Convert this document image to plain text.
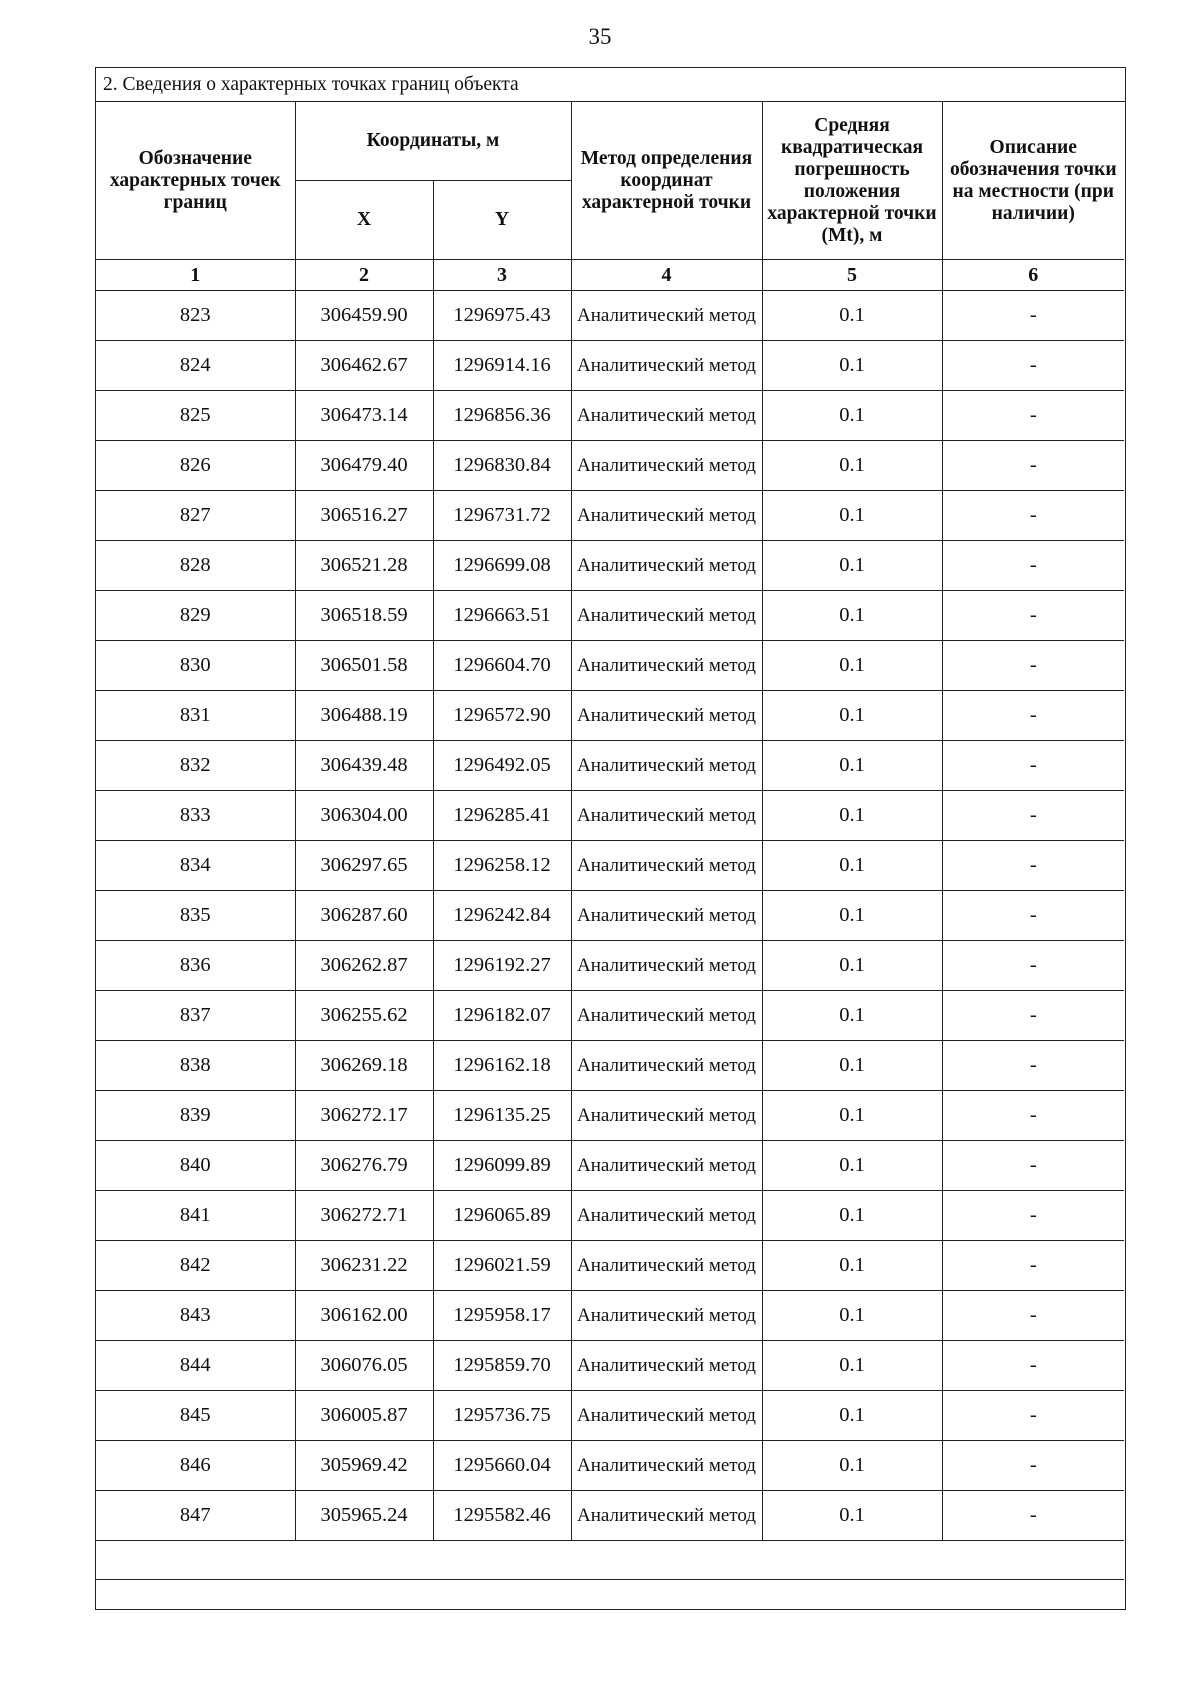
35
2. Сведения о характерных точках границ объекта
Обозначение характерных точек границ	Координаты, м		Метод определения координат характерной точки	Средняя квадратическая погрешность положения характерной точки (Mt), м	Описание обозначения точки на местности (при наличии)
	X	Y			
1	2	3	4	5	6
823	306459.90	1296975.43	Аналитический метод	0.1	-
824	306462.67	1296914.16	Аналитический метод	0.1	-
825	306473.14	1296856.36	Аналитический метод	0.1	-
826	306479.40	1296830.84	Аналитический метод	0.1	-
827	306516.27	1296731.72	Аналитический метод	0.1	-
828	306521.28	1296699.08	Аналитический метод	0.1	-
829	306518.59	1296663.51	Аналитический метод	0.1	-
830	306501.58	1296604.70	Аналитический метод	0.1	-
831	306488.19	1296572.90	Аналитический метод	0.1	-
832	306439.48	1296492.05	Аналитический метод	0.1	-
833	306304.00	1296285.41	Аналитический метод	0.1	-
834	306297.65	1296258.12	Аналитический метод	0.1	-
835	306287.60	1296242.84	Аналитический метод	0.1	-
836	306262.87	1296192.27	Аналитический метод	0.1	-
837	306255.62	1296182.07	Аналитический метод	0.1	-
838	306269.18	1296162.18	Аналитический метод	0.1	-
839	306272.17	1296135.25	Аналитический метод	0.1	-
840	306276.79	1296099.89	Аналитический метод	0.1	-
841	306272.71	1296065.89	Аналитический метод	0.1	-
842	306231.22	1296021.59	Аналитический метод	0.1	-
843	306162.00	1295958.17	Аналитический метод	0.1	-
844	306076.05	1295859.70	Аналитический метод	0.1	-
845	306005.87	1295736.75	Аналитический метод	0.1	-
846	305969.42	1295660.04	Аналитический метод	0.1	-
847	305965.24	1295582.46	Аналитический метод	0.1	-
